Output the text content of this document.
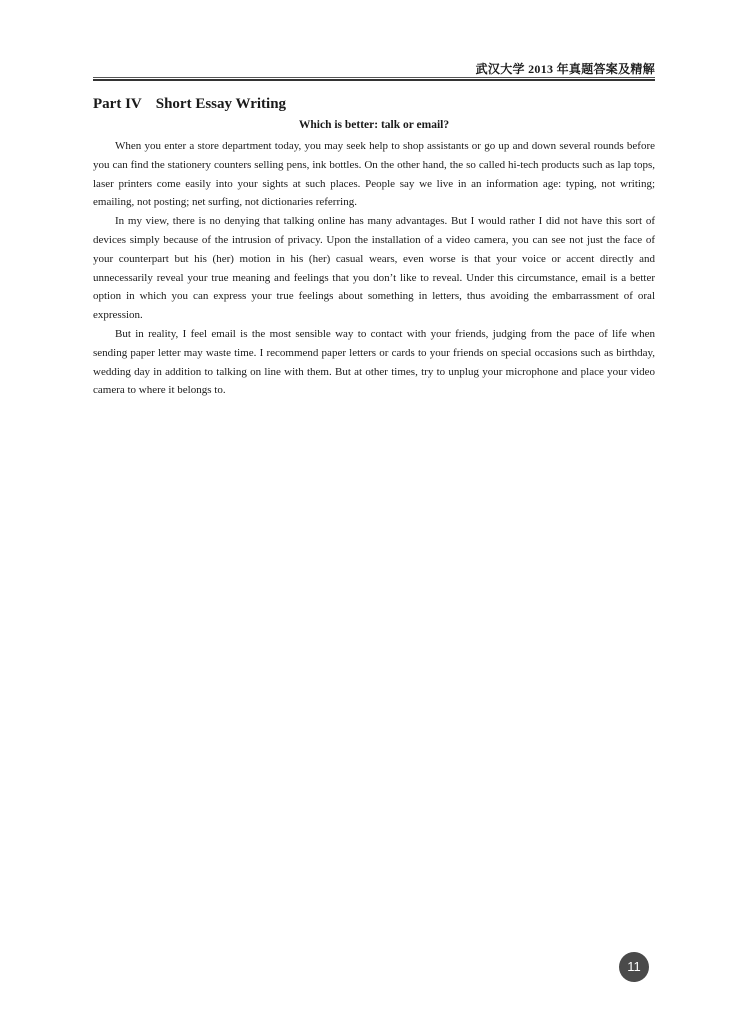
武汉大学 2013 年真题答案及精解
Part IV Short Essay Writing
Which is better: talk or email?

When you enter a store department today, you may seek help to shop assistants or go up and down several rounds before you can find the stationery counters selling pens, ink bottles. On the other hand, the so called hi-tech products such as lap tops, laser printers come easily into your sights at such places. People say we live in an information age: typing, not writing; emailing, not posting; net surfing, not dictionaries referring.

In my view, there is no denying that talking online has many advantages. But I would rather I did not have this sort of devices simply because of the intrusion of privacy. Upon the installation of a video camera, you can see not just the face of your counterpart but his (her) motion in his (her) casual wears, even worse is that your voice or accent directly and unnecessarily reveal your true meaning and feelings that you don’t like to reveal. Under this circumstance, email is a better option in which you can express your true feelings about something in letters, thus avoiding the embarrassment of oral expression.

But in reality, I feel email is the most sensible way to contact with your friends, judging from the pace of life when sending paper letter may waste time. I recommend paper letters or cards to your friends on special occasions such as birthday, wedding day in addition to talking on line with them. But at other times, try to unplug your microphone and place your video camera to where it belongs to.

11
